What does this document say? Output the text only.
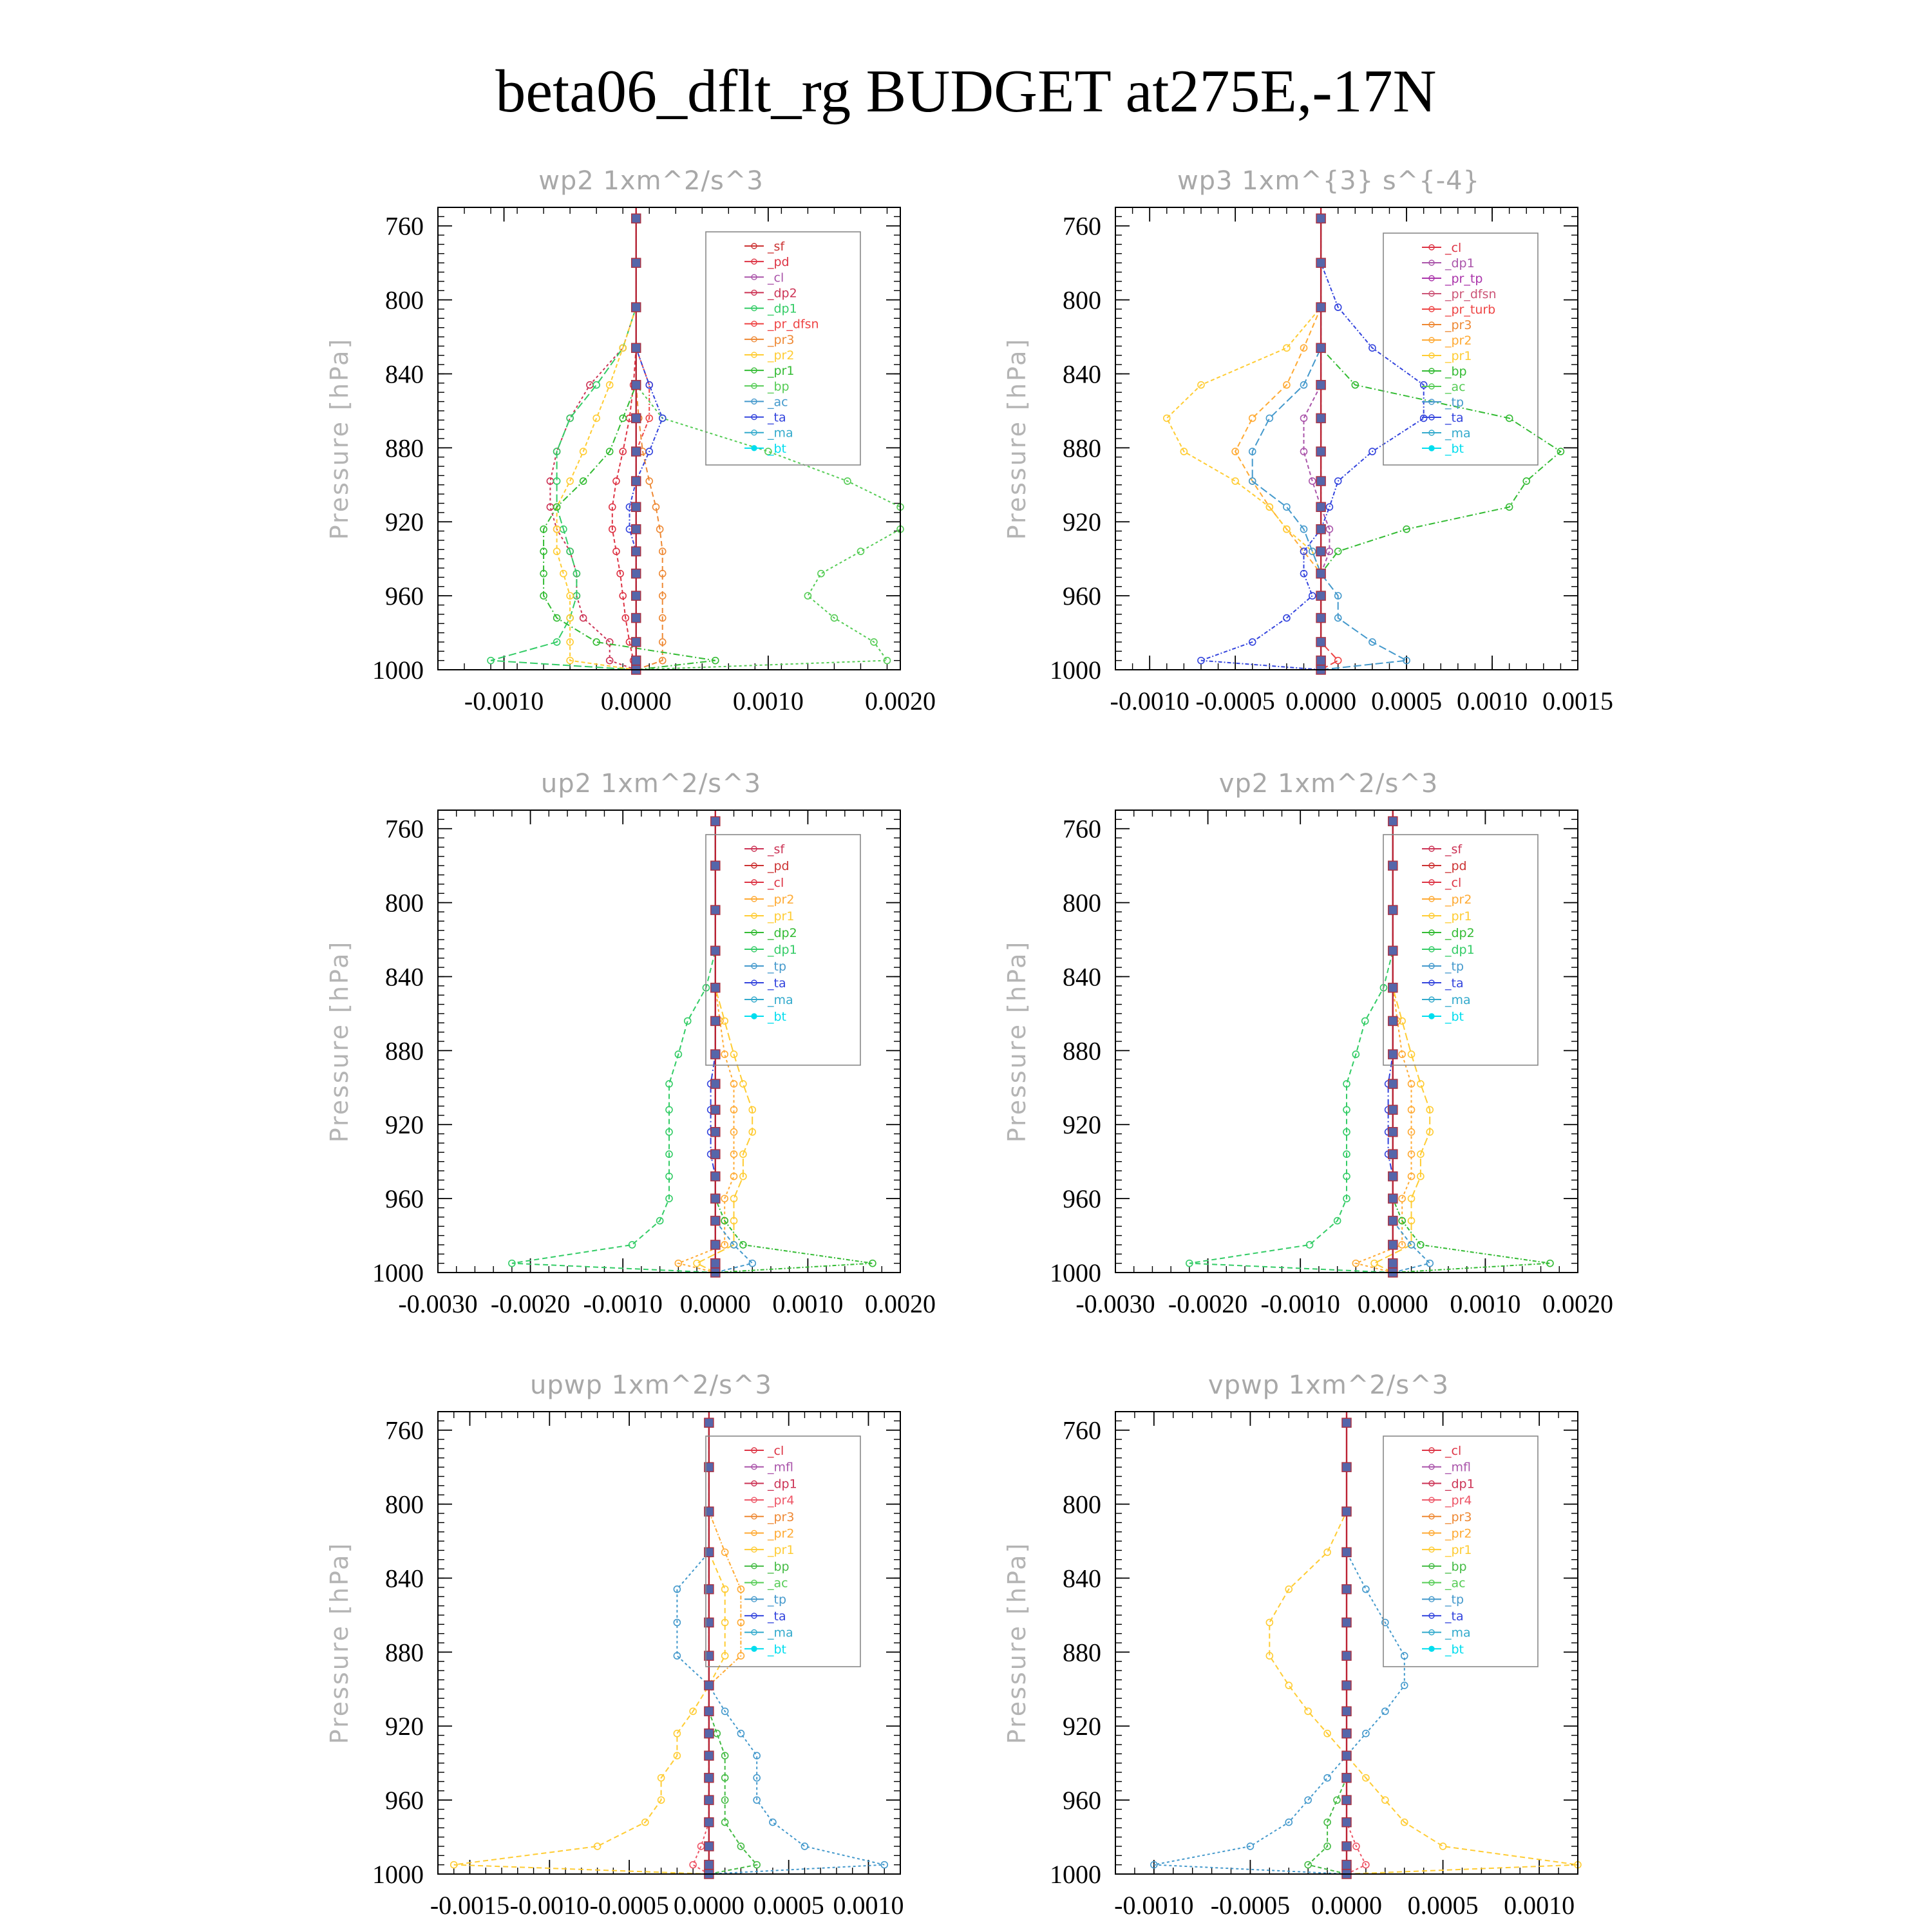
beta06_dflt_rg BUDGET at275E,-17N
wp2 1xm^2/s^3
Pressure [hPa]
760
800
840
880
920
960
1000
-0.0010 0.0000 0.0010 0.0020
_sf
_pd
_cl
_dp2
_dp1
_pr_dfsn
_pr3
_pr2
_pr1
_bp
_ac
_ta
_ma
_bt
wp3 1xm^{3} s^{-4}
Pressure [hPa]
760
800
840
880
920
960
1000
-0.0010 -0.0005 0.0000 0.0005 0.0010 0.0015
_cl
_dp1
_pr_tp
_pr_dfsn
_pr_turb
_pr3
_pr2
_pr1
_bp
_ac
_tp
_ta
_ma
_bt
up2 1xm^2/s^3
Pressure [hPa]
760
800
840
880
920
960
1000
-0.0030 -0.0020 -0.0010 0.0000 0.0010 0.0020
_sf
_pd
_cl
_pr2
_pr1
_dp2
_dp1
_tp
_ta
_ma
_bt
vp2 1xm^2/s^3
Pressure [hPa]
760
800
840
880
920
960
1000
-0.0030 -0.0020 -0.0010 0.0000 0.0010 0.0020
_sf
_pd
_cl
_pr2
_pr1
_dp2
_dp1
_tp
_ta
_ma
_bt
upwp 1xm^2/s^3
Pressure [hPa]
760
800
840
880
920
960
1000
-0.0015 -0.0010 -0.0005 0.0000 0.0005 0.0010
_cl
_mfl
_dp1
_pr4
_pr3
_pr2
_pr1
_bp
_ac
_tp
_ta
_ma
_bt
vpwp 1xm^2/s^3
Pressure [hPa]
760
800
840
880
920
960
1000
-0.0010 -0.0005 0.0000 0.0005 0.0010
_cl
_mfl
_dp1
_pr4
_pr3
_pr2
_pr1
_bp
_ac
_tp
_ta
_ma
_bt
